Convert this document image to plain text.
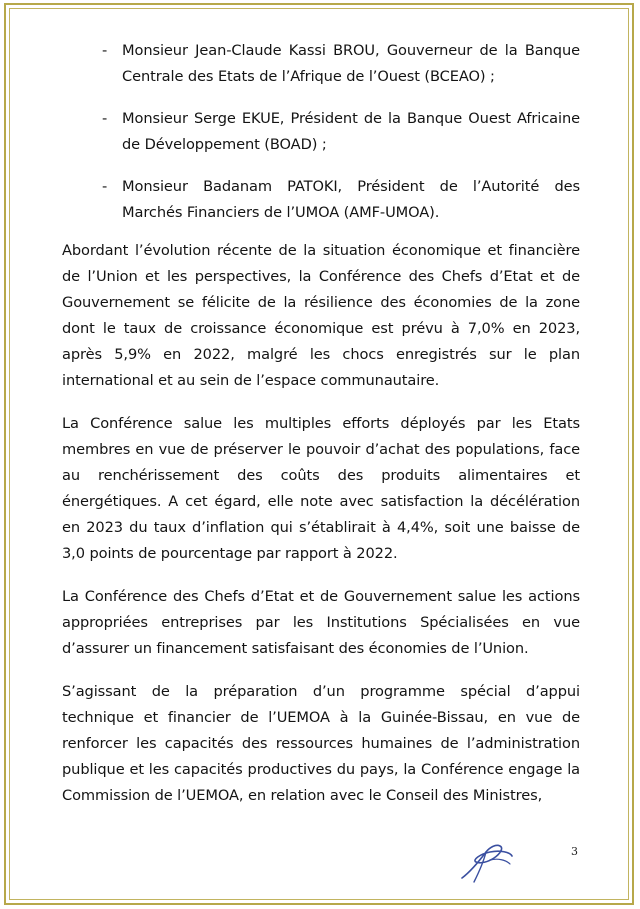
- Monsieur Jean-Claude Kassi BROU, Gouverneur de la Banque Centrale des Etats de l’Afrique de l’Ouest (BCEAO) ;
- Monsieur Serge EKUE, Président de la Banque Ouest Africaine de Développement (BOAD) ;
- Monsieur Badanam PATOKI, Président de l’Autorité des Marchés Financiers de l’UMOA (AMF-UMOA).

Abordant l’évolution récente de la situation économique et financière de l’Union et les perspectives, la Conférence des Chefs d’Etat et de Gouvernement se félicite de la résilience des économies de la zone dont le taux de croissance économique est prévu à 7,0% en 2023, après 5,9% en 2022, malgré les chocs enregistrés sur le plan international et au sein de l’espace communautaire.

La Conférence salue les multiples efforts déployés par les Etats membres en vue de préserver le pouvoir d’achat des populations, face au renchérissement des coûts des produits alimentaires et énergétiques. A cet égard, elle note avec satisfaction la décélération en 2023 du taux d’inflation qui s’établirait à 4,4%, soit une baisse de 3,0 points de pourcentage par rapport à 2022.

La Conférence des Chefs d’Etat et de Gouvernement salue les actions appropriées entreprises par les Institutions Spécialisées en vue d’assurer un financement satisfaisant des économies de l’Union.

S’agissant de la préparation d’un programme spécial d’appui technique et financier de l’UEMOA à la Guinée-Bissau, en vue de renforcer les capacités des ressources humaines de l’administration publique et les capacités productives du pays, la Conférence engage la Commission de l’UEMOA, en relation avec le Conseil des Ministres,

3
